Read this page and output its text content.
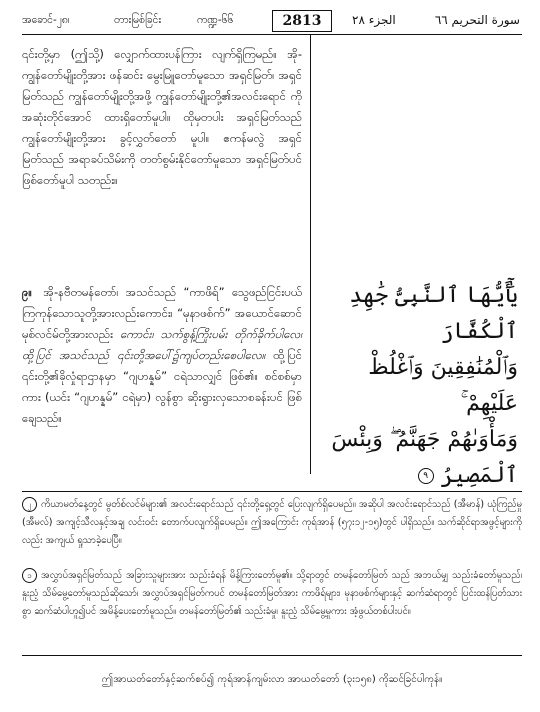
အခောင်-၂၈၊	တားမြစ်ခြင်း	ကဏ္ဍ-၆၆	2813	الجزء ۲۸	سورة التحريم ٦٦
၎င်းတို့မှာ (ဤသို့) လျှောက်ထားပန်ကြား လျက်ရှိကြမည်။ အို-ကျွန်တော်မျိုးတို့အား ဖန်ဆင်း မွေးမြူတော်မူသော အရှင်မြတ်၊ အရှင်မြတ်သည် ကျွန်တော်မျိုးတို့အဖို့ ကျွန်တော်မျိုးတို့၏အလင်းရောင် ကို အဆုံးတိုင်အောင် ထားရှိတော်မူပါ။ ထိုမှတပါး အရှင်မြတ်သည် ကျွန်တော်မျိုးတို့အား ခွင့်လွှတ်တော် မူပါ။ ဧကန်မလွဲ အရှင်မြတ်သည် အရာခပ်သိမ်းကို တတ်စွမ်းနိုင်တော်မူသော အရှင်မြတ်ပင် ဖြစ်တော်မူပါ သတည်း။
၉။ အို-နဗီတမန်တော်၊ အသင်သည် “ကာဖိရ်” သွေဖည်ငြင်းပယ်ကြကုန်သောသူတို့အားလည်းကောင်း၊ “မုနာဖစ်က်” အယောင်ဆောင်မုစ်လင်မ်တို့အားလည်း ကောင်း၊ သက်စွန့်ကြိုးပမ်း တိုက်ခိုက်ပါလေ၊ ထို့ပြင် အသင်သည် ၎င်းတို့အပေါ်၌ကျပ်တည်းစေပါလေ။ ထို့ပြင် ၎င်းတို့၏ခိုလှုံရာဌာနမှာ “ဂျဟန္နမ်” ငရဲသာလျှင် ဖြစ်၏။ စင်စစ်မှာကား (ယင်း “ဂျဟန္နမ်” ငရဲမှာ) လွန်စွာ ဆိုးရွားလှသောစခန်းပင် ဖြစ်ချေသည်။
يَٰٓأَيُّهَا ٱلنَّبِىُّ جَٰهِدِ ٱلْكُفَّارَ
وَٱلْمُنَٰفِقِينَ وَٱغْلُظْ عَلَيْهِمْ ۚ
وَمَأْوَىٰهُمْ جَهَنَّمُ ۖ وَبِئْسَ
ٱلْمَصِيرُ ٩
၂ ကိယာမတ်နေ့တွင် မွတ်စ်လင်မ်များ၏ အလင်းရောင်သည် ၎င်းတို့ရှေ့တွင် ပြေးလျက်ရှိပေမည်။ အဆိုပါ အလင်းရောင်သည် (အီမာန်) ယုံကြည်မှု (အီမလ်) အကျင့်သီလနှင့်အချ လင်းဝင်း တောက်ပလျက်ရှိပေမည်။ ဤအကြောင်း ကုရ်အာန် (၅၇း၁၂-၁၅)တွင် ပါရှိသည်။ သက်ဆိုင်ရာအဖွင့်များကိုလည်း အကျယ် ရှုသာခဲ့ပေပြီ။
၁ အလွှာပ်အရှင်မြတ်သည် အခြားသူများအား သည်းခံရန် မိန့်ကြားတော်မူ၏။ သို့ရာတွင် တမန်တော်မြတ် သည် အဘယ်မျှ သည်းခံတော်မူသည်၊ နူးညံ့ သိမ်မွေ့တော်မူသည်ဆိုသော်၊ အလွှာပ်အရှင်မြတ်ကပင် တမန်တော်မြတ်အား ကာဖိရ်များ၊ မုနာဖစ်က်များနှင့် ဆက်ဆံရာတွင် ပြင်းထန်ပြတ်သားစွာ ဆက်ဆံပါဟူ၍ပင် အမိန့်ပေးတော်မူသည်။ တမန်တော်မြတ်၏ သည်းခံမှု၊ နူးညံ့ သိမ်မွေ့မှုကား အံ့ဖွယ်တစ်ပါးပင်။
ဤအာယတ်တော်နှင့်ဆက်စပ်၍ ကုရ်အာန်ကျမ်းလာ အာယတ်တော် (၃း၁၅၈) ကိုဆင်ခြင်ပါကုန်။
